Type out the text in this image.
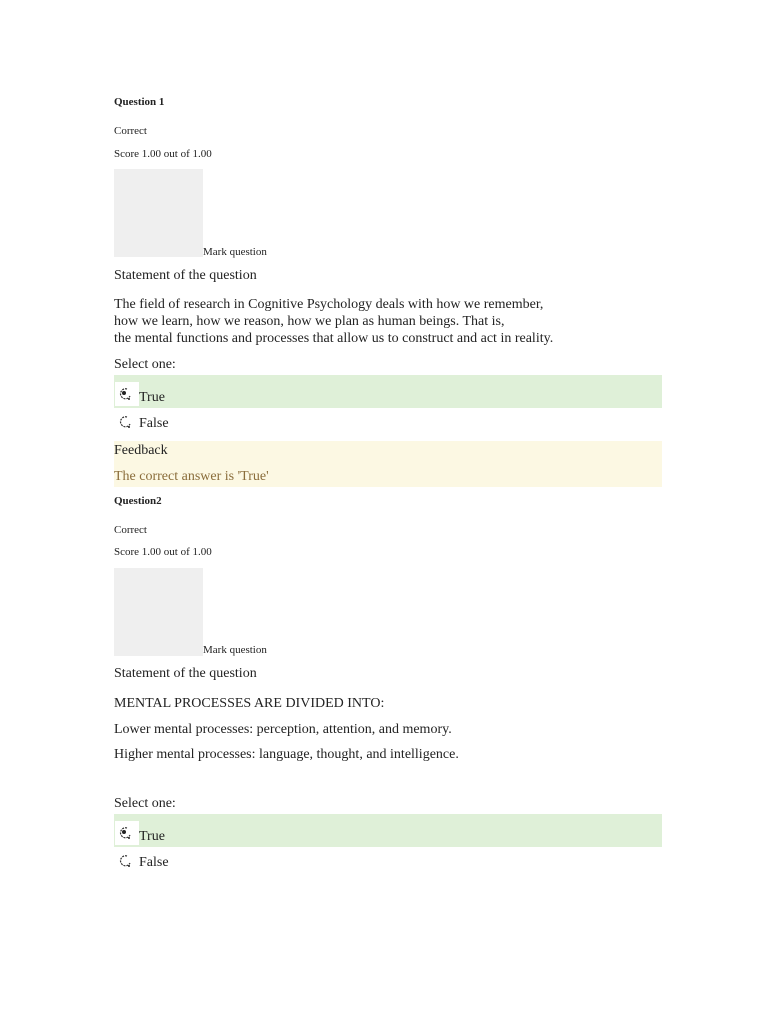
Question 1
Correct
Score 1.00 out of 1.00
Mark question
Statement of the question

The field of research in Cognitive Psychology deals with how we remember,

how we learn, how we reason, how we plan as human beings. That is,

the mental functions and processes that allow us to construct and act in reality.

Select one:
True
False
Feedback
The correct answer is 'True'
Question2
Correct
Score 1.00 out of 1.00
Mark question
Statement of the question

MENTAL PROCESSES ARE DIVIDED INTO:

Lower mental processes: perception, attention, and memory.

Higher mental processes: language, thought, and intelligence.

Select one:
True
False
